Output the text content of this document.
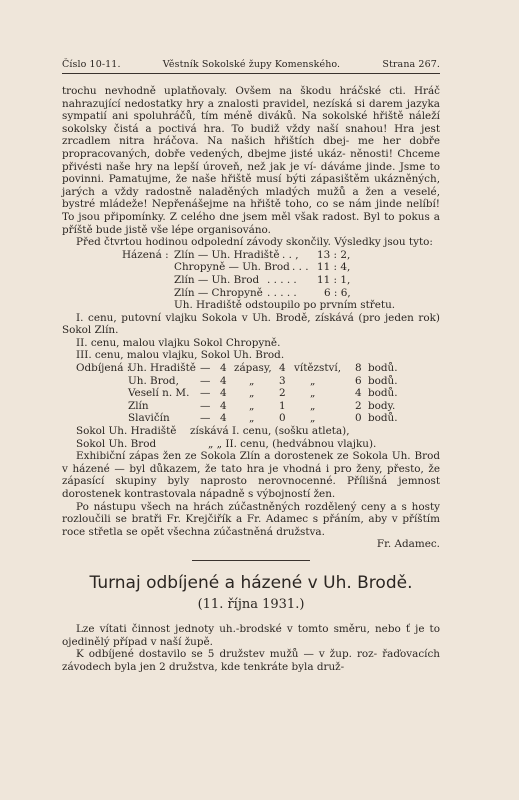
Číslo 10-11.	Věstník Sokolské župy Komenského.	Strana 267.

trochu nevhodně uplatňovaly. Ovšem na škodu hráčské cti. Hráč nahrazující nedostatky hry a znalosti pravidel, nezíská si darem jazyka sympatií ani spoluhráčů, tím méně diváků. Na sokolské hřiště náleží sokolsky čistá a poctivá hra. To budiž vždy naší snahou! Hra jest zrcadlem nitra hráčova. Na našich hřištích dbej- me her dobře propracovaných, dobře vedených, dbejme jisté ukáz- něnosti! Chceme přivésti naše hry na lepší úroveň, než jak je ví- dáváme jinde. Jsme to povinni. Pamatujme, že naše hřiště musí býti zápasištěm ukázněných, jarých a vždy radostně naladěných mladých mužů a žen a veselé, bystré mládeže! Nepřenášejme na hřiště toho, co se nám jinde nelíbí! To jsou připomínky. Z celého dne jsem měl však radost. Byl to pokus a příště bude jistě vše lépe organisováno.

Před čtvrtou hodinou odpolední závody skončily. Výsledky jsou tyto:

Házená : Zlín — Uh. Hradiště . . , 13 : 2,
Chropyně — Uh. Brod . . . 11 : 4,
Zlín — Uh. Brod . . . . . 11 : 1,
Zlín — Chropyně . . . . .	6 : 6,
Uh. Hradiště odstoupilo po prvním střetu.

I. cenu, putovní vlajku Sokola v Uh. Brodě, získává (pro jeden rok) Sokol Zlín.

II. cenu, malou vlajku Sokol Chropyně.

III. cenu, malou vlajku, Sokol Uh. Brod.

Odbíjená :
Uh. Hradiště — 4 zápasy, 4 vítězství, 8 bodů.
Uh. Brod, — 4 „ 3 „	6 bodů.
Veselí n. M. — 4 „ 2 „	4 bodů.
Zlín	— 4 „ 1 „	2 body.
Slavičín	— 4 „ 0 „	0 bodů.
Sokol Uh. Hradiště získává I. cenu, (sošku atleta),
Sokol Uh. Brod	„ „ II. cenu, (hedvábnou vlajku).

Exhibiční zápas žen ze Sokola Zlín a dorostenek ze Sokola Uh. Brod v házené — byl důkazem, že tato hra je vhodná i pro ženy, přesto, že zápasící skupiny byly naprosto nerovnocenné. Přílišná jemnost dorostenek kontrastovala nápadně s výbojností žen.

Po nástupu všech na hrách zúčastněných rozdělený ceny a s hosty rozloučili se bratři Fr. Krejčiřík a Fr. Adamec s přáním, aby v příštím roce střetla se opět všechna zúčastněná družstva.

Fr. Adamec.

Turnaj odbíjené a házené v Uh. Brodě.
(11. října 1931.)

Lze vítati činnost jednoty uh.-brodské v tomto směru, nebo ť je to ojedinělý případ v naší župě.

K odbíjené dostavilo se 5 družstev mužů — v žup. roz- řaďovacích závodech byla jen 2 družstva, kde tenkráte byla druž-
